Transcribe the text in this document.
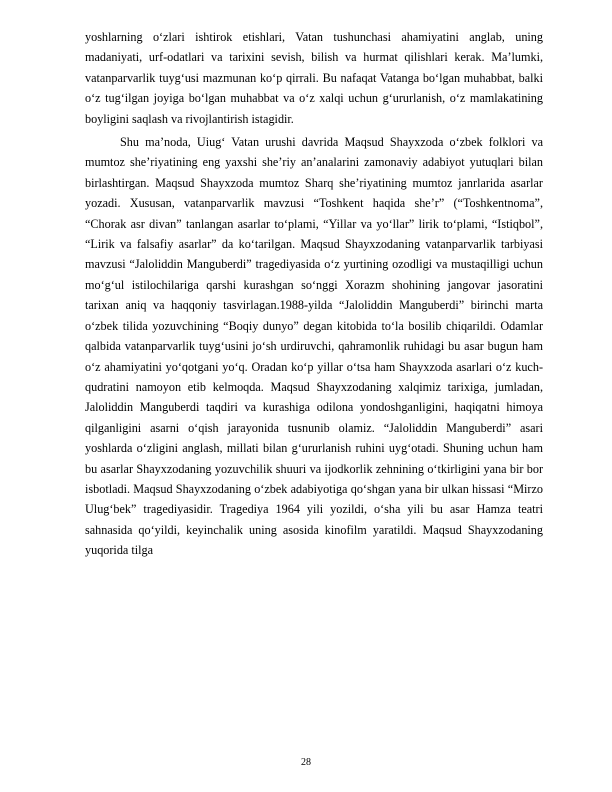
yoshlarning o‘zlari ishtirok etishlari, Vatan tushunchasi ahamiyatini anglab, uning madaniyati, urf-odatlari va tarixini sevish, bilish va hurmat qilishlari kerak. Ma’lumki, vatanparvarlik tuyg‘usi mazmunan ko‘p qirrali. Bu nafaqat Vatanga bo‘lgan muhabbat, balki o‘z tug‘ilgan joyiga bo‘lgan muhabbat va o‘z xalqi uchun g‘ururlanish, o‘z mamlakatining boyligini saqlash va rivojlantirish istagidir.

Shu ma’noda, Uiug‘ Vatan urushi davrida Maqsud Shayxzoda o‘zbek folklori va mumtoz she’riyatining eng yaxshi she’riy an’analarini zamonaviy adabiyot yutuqlari bilan birlashtirgan. Maqsud Shayxzoda mumtoz Sharq she’riyatining mumtoz janrlarida asarlar yozadi. Xususan, vatanparvarlik mavzusi “Toshkent haqida she’r” (“Toshkentnoma”, “Chorak asr divan” tanlangan asarlar to‘plami, “Yillar va yo‘llar” lirik to‘plami, “Istiqbol”, “Lirik va falsafiy asarlar” da ko‘tarilgan. Maqsud Shayxzodaning vatanparvarlik tarbiyasi mavzusi “Jaloliddin Manguberdi” tragediyasida o‘z yurtining ozodligi va mustaqilligi uchun mo‘g‘ul istilochilariga qarshi kurashgan so‘nggi Xorazm shohining jangovar jasoratini tarixan aniq va haqqoniy tasvirlagan.1988-yilda “Jaloliddin Manguberdi” birinchi marta o‘zbek tilida yozuvchining “Boqiy dunyo” degan kitobida to‘la bosilib chiqarildi. Odamlar qalbida vatanparvarlik tuyg‘usini jo‘sh urdiruvchi, qahramonlik ruhidagi bu asar bugun ham o‘z ahamiyatini yo‘qotgani yo‘q. Oradan ko‘p yillar o‘tsa ham Shayxzoda asarlari o‘z kuch-qudratini namoyon etib kelmoqda. Maqsud Shayxzodaning xalqimiz tarixiga, jumladan, Jaloliddin Manguberdi taqdiri va kurashiga odilona yondoshganligini, haqiqatni himoya qilganligini asarni o‘qish jarayonida tusnunib olamiz. “Jaloliddin Manguberdi” asari yoshlarda o‘zligini anglash, millati bilan g‘ururlanish ruhini uyg‘otadi. Shuning uchun ham bu asarlar Shayxzodaning yozuvchilik shuuri va ijodkorlik zehnining o‘tkirligini yana bir bor isbotladi. Maqsud Shayxzodaning o‘zbek adabiyotiga qo‘shgan yana bir ulkan hissasi “Mirzo Ulug‘bek” tragediyasidir. Tragediya 1964 yili yozildi, o‘sha yili bu asar Hamza teatri sahnasida qo‘yildi, keyinchalik uning asosida kinofilm yaratildi. Maqsud Shayxzodaning yuqorida tilga

28
